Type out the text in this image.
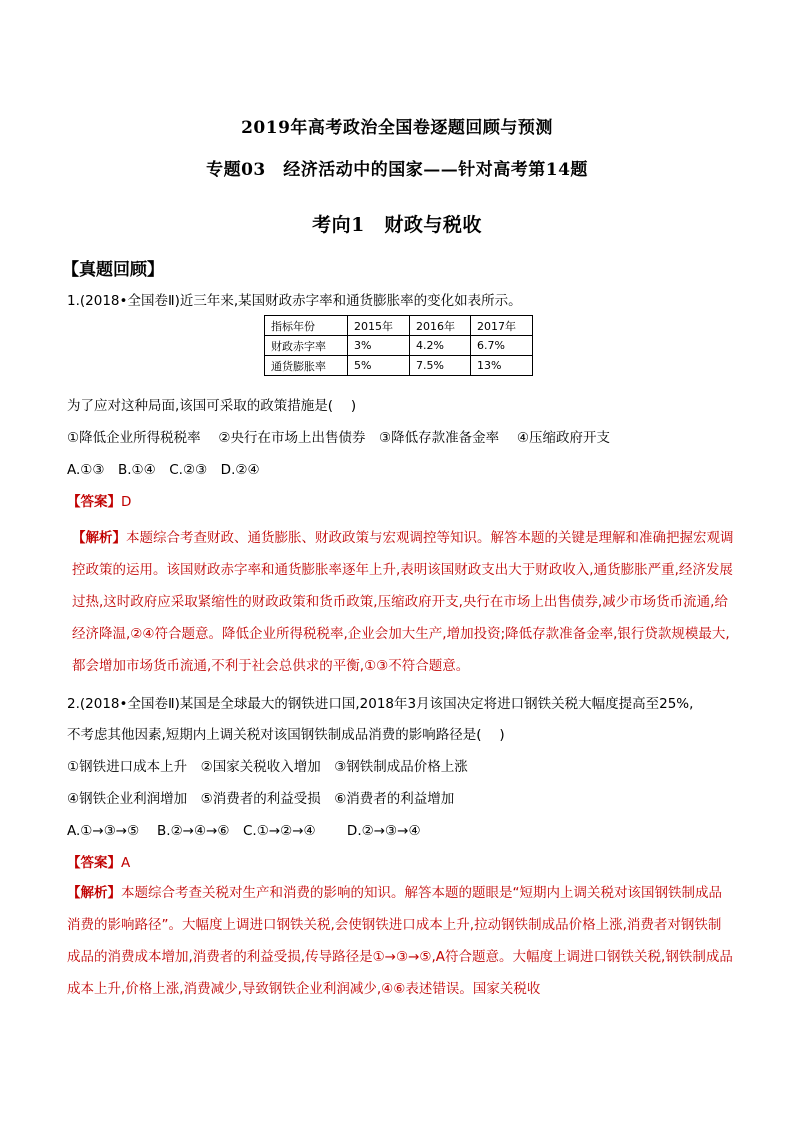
2019年高考政治全国卷逐题回顾与预测
专题03　经济活动中的国家——针对高考第14题
考向1　财政与税收
【真题回顾】
1.(2018•全国卷Ⅱ)近三年来,某国财政赤字率和通货膨胀率的变化如表所示。
指标年份	2015年	2016年	2017年
财政赤字率	3%	4.2%	6.7%
通货膨胀率	5%	7.5%	13%
为了应对这种局面,该国可采取的政策措施是(　 )
①降低企业所得税税率　 ②央行在市场上出售债券　③降低存款准备金率　 ④压缩政府开支
A.①③　B.①④　C.②③　D.②④
【答案】D
【解析】本题综合考查财政、通货膨胀、财政政策与宏观调控等知识。解答本题的关键是理解和准确把握宏观调控政策的运用。该国财政赤字率和通货膨胀率逐年上升,表明该国财政支出大于财政收入,通货膨胀严重,经济发展过热,这时政府应采取紧缩性的财政政策和货币政策,压缩政府开支,央行在市场上出售债券,减少市场货币流通,给经济降温,②④符合题意。降低企业所得税税率,企业会加大生产,增加投资;降低存款准备金率,银行贷款规模最大,都会增加市场货币流通,不利于社会总供求的平衡,①③不符合题意。
2.(2018•全国卷Ⅱ)某国是全球最大的钢铁进口国,2018年3月该国决定将进口钢铁关税大幅度提高至25%,
不考虑其他因素,短期内上调关税对该国钢铁制成品消费的影响路径是(　 )
①钢铁进口成本上升　②国家关税收入增加　③钢铁制成品价格上涨
④钢铁企业利润增加　⑤消费者的利益受损　⑥消费者的利益增加
A.①→③→⑤　 B.②→④→⑥　C.①→②→④　　 D.②→③→④
【答案】A
【解析】本题综合考查关税对生产和消费的影响的知识。解答本题的题眼是“短期内上调关税对该国钢铁制成品消费的影响路径”。大幅度上调进口钢铁关税,会使钢铁进口成本上升,拉动钢铁制成品价格上涨,消费者对钢铁制成品的消费成本增加,消费者的利益受损,传导路径是①→③→⑤,A符合题意。大幅度上调进口钢铁关税,钢铁制成品成本上升,价格上涨,消费减少,导致钢铁企业利润减少,④⑥表述错误。国家关税收
